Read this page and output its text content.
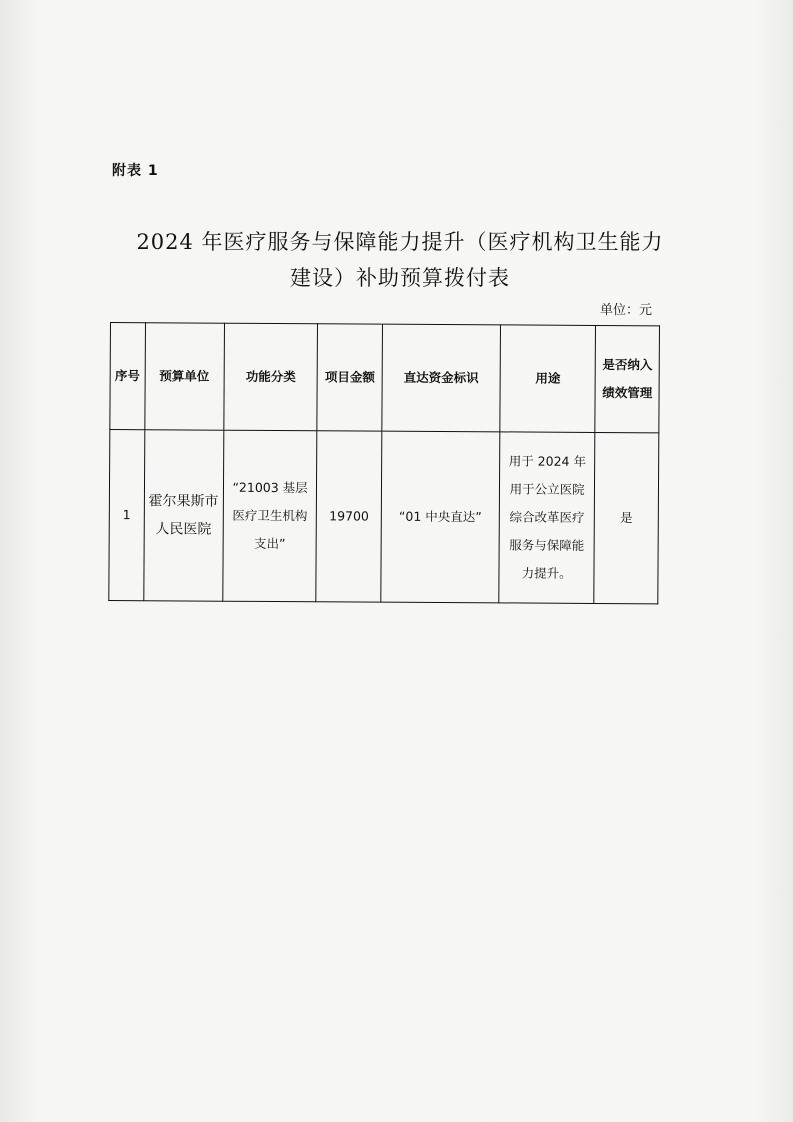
附表 1
2024 年医疗服务与保障能力提升（医疗机构卫生能力
建设）补助预算拨付表
单位：元
序号	预算单位	功能分类	项目金额	直达资金标识	用途	是否纳入绩效管理
1	霍尔果斯市人民医院	“21003 基层医疗卫生机构支出”	19700	“01 中央直达”	用于 2024 年用于公立医院综合改革医疗服务与保障能力提升。	是
